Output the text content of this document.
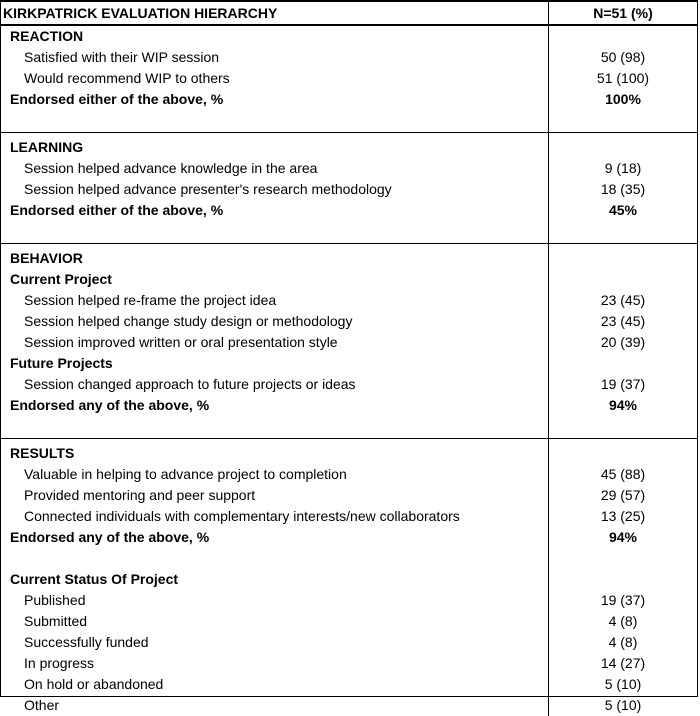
KIRKPATRICK EVALUATION HIERARCHY	N=51 (%)
REACTION
Satisfied with their WIP session
Would recommend WIP to others
Endorsed either of the above, %
50 (98)
51 (100)
100%
LEARNING
Session helped advance knowledge in the area
Session helped advance presenter's research methodology
Endorsed either of the above, %
9 (18)
18 (35)
45%
BEHAVIOR
Current Project
Session helped re-frame the project idea
Session helped change study design or methodology
Session improved written or oral presentation style
Future Projects
Session changed approach to future projects or ideas
Endorsed any of the above, %
23 (45)
23 (45)
20 (39)
19 (37)
94%
RESULTS
Valuable in helping to advance project to completion
Provided mentoring and peer support
Connected individuals with complementary interests/new collaborators
Endorsed any of the above, %
Current Status Of Project
Published
Submitted
Successfully funded
In progress
On hold or abandoned
Other
45 (88)
29 (57)
13 (25)
94%
19 (37)
4 (8)
4 (8)
14 (27)
5 (10)
5 (10)
